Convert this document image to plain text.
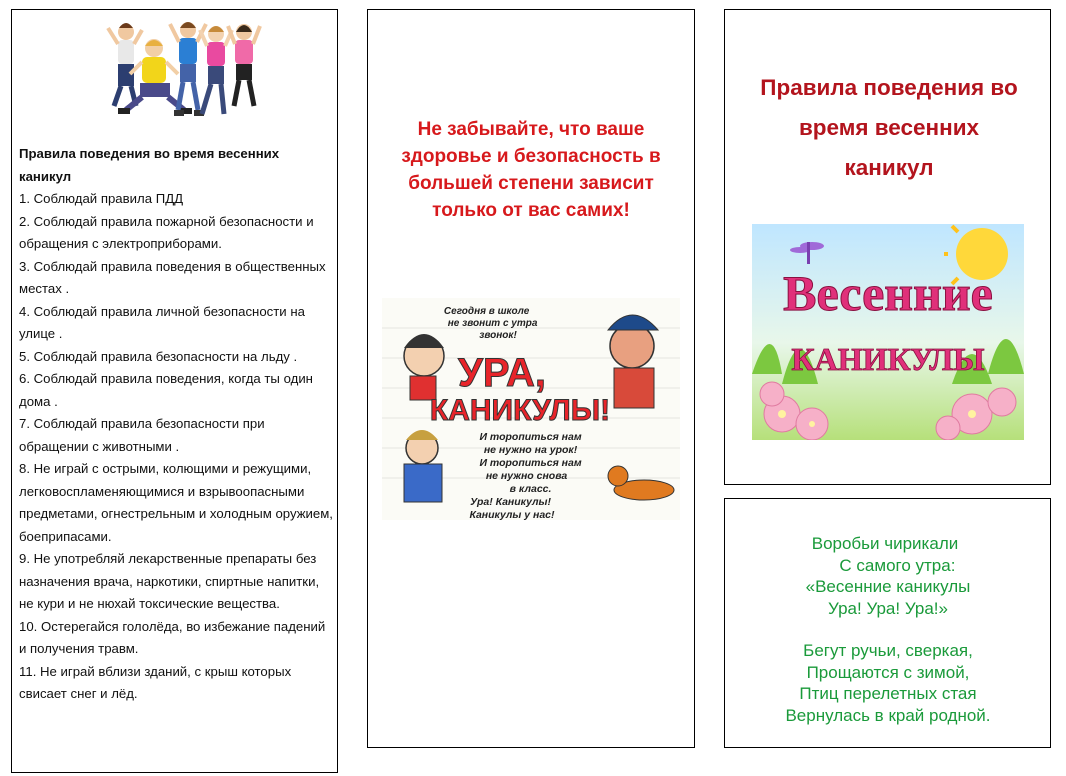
Правила поведения во время весенних каникул
1. Соблюдай правила ПДД
2. Соблюдай правила пожарной безопасности и обращения с электроприборами.
3. Соблюдай правила поведения в общественных местах .
4. Соблюдай правила личной безопасности на улице .
5. Соблюдай правила безопасности на льду .
6. Соблюдай правила поведения, когда ты один дома .
7. Соблюдай правила безопасности при обращении с животными .
8. Не играй с острыми, колющими и режущими, легковоспламеняющимися и взрывоопасными предметами, огнестрельным и холодным оружием, боеприпасами.
9. Не употребляй лекарственные препараты без назначения врача, наркотики, спиртные напитки, не кури и не нюхай токсические вещества.
10. Остерегайся гололёда, во избежание падений и получения травм.
11. Не играй вблизи зданий, с крыш которых свисает снег и лёд.
Не забывайте, что ваше
здоровье и безопасность в
большей степени зависит
только от вас самих!
Сегодня в школе не звонит с утра звонок!
УРА,
КАНИКУЛЫ!
И торопиться нам не нужно на урок! И торопиться нам не нужно снова в класс. Ура! Каникулы! Каникулы у нас!
Правила поведения во
время весенних
каникул
Весенние
КАНИКУЛЫ
Воробьи чирикали
С самого утра:
«Весенние каникулы
Ура! Ура! Ура!»
Бегут ручьи, сверкая,
Прощаются с зимой,
Птиц перелетных стая
Вернулась в край родной.
